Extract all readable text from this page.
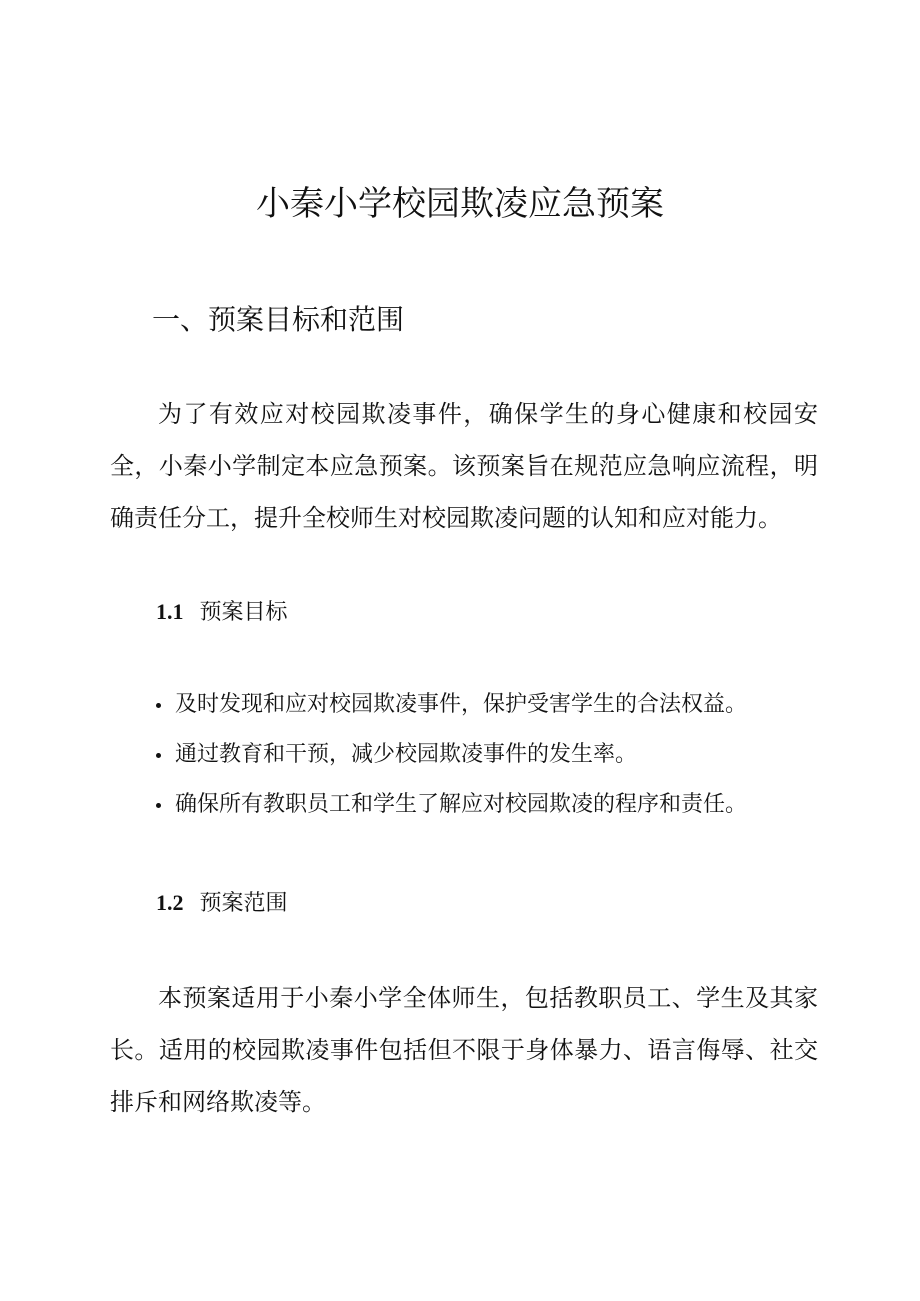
小秦小学校园欺凌应急预案
一、预案目标和范围

为了有效应对校园欺凌事件，确保学生的身心健康和校园安全，小秦小学制定本应急预案。该预案旨在规范应急响应流程，明确责任分工，提升全校师生对校园欺凌问题的认知和应对能力。

1.1 预案目标
及时发现和应对校园欺凌事件，保护受害学生的合法权益。
通过教育和干预，减少校园欺凌事件的发生率。
确保所有教职员工和学生了解应对校园欺凌的程序和责任。
1.2 预案范围

本预案适用于小秦小学全体师生，包括教职员工、学生及其家长。适用的校园欺凌事件包括但不限于身体暴力、语言侮辱、社交排斥和网络欺凌等。
